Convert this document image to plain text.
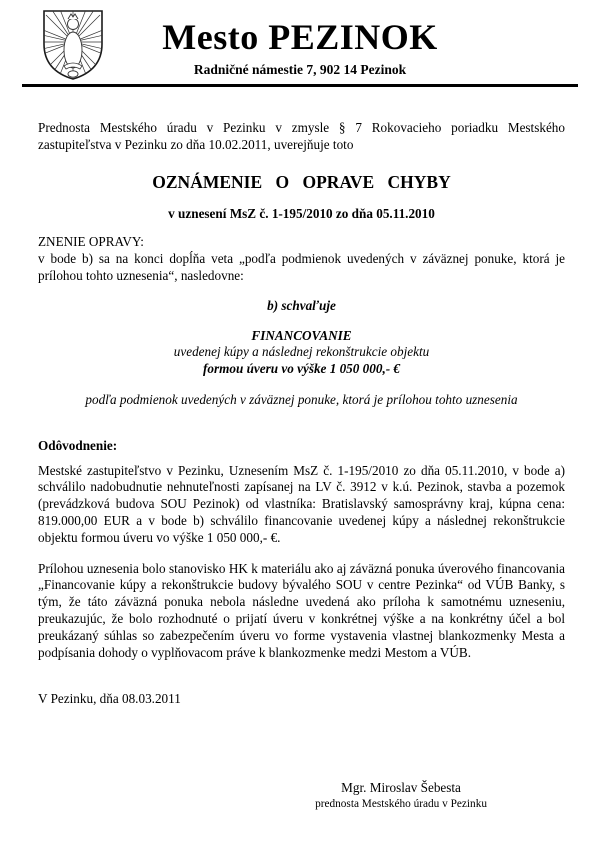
Mesto PEZINOK
Radničné námestie 7, 902 14 Pezinok

Prednosta Mestského úradu v Pezinku v zmysle § 7 Rokovacieho poriadku Mestského zastupiteľstva v Pezinku zo dňa 10.02.2011, uverejňuje toto

OZNÁMENIE O OPRAVE CHYBY
v uznesení MsZ č. 1-195/2010 zo dňa 05.11.2010
ZNENIE OPRAVY:
v bode b) sa na konci dopĺňa veta „podľa podmienok uvedených v záväznej ponuke, ktorá je prílohou tohto uznesenia“, nasledovne:
b) schvaľuje
FINANCOVANIE
uvedenej kúpy a následnej rekonštrukcie objektu
formou úveru vo výške 1 050 000,- €
podľa podmienok uvedených v záväznej ponuke, ktorá je prílohou tohto uznesenia
Odôvodnenie:

Mestské zastupiteľstvo v Pezinku, Uznesením MsZ č. 1-195/2010 zo dňa 05.11.2010, v bode a) schválilo nadobudnutie nehnuteľnosti zapísanej na LV č. 3912 v k.ú. Pezinok, stavba a pozemok (prevádzková budova SOU Pezinok) od vlastníka: Bratislavský samosprávny kraj, kúpna cena: 819.000,00 EUR a v bode b) schválilo financovanie uvedenej kúpy a následnej rekonštrukcie objektu formou úveru vo výške 1 050 000,- €.

Prílohou uznesenia bolo stanovisko HK k materiálu ako aj záväzná ponuka úverového financovania „Financovanie kúpy a rekonštrukcie budovy bývalého SOU v centre Pezinka“ od VÚB Banky, s tým, že táto záväzná ponuka nebola následne uvedená ako príloha k samotnému uzneseniu, preukazujúc, že bolo rozhodnuté o prijatí úveru v konkrétnej výške a na konkrétny účel a bol preukázaný súhlas so zabezpečením úveru vo forme vystavenia vlastnej blankozmenky Mesta a podpísania dohody o vyplňovacom práve k blankozmenke medzi Mestom a VÚB.

V Pezinku, dňa 08.03.2011
Mgr. Miroslav Šebesta
prednosta Mestského úradu v Pezinku
